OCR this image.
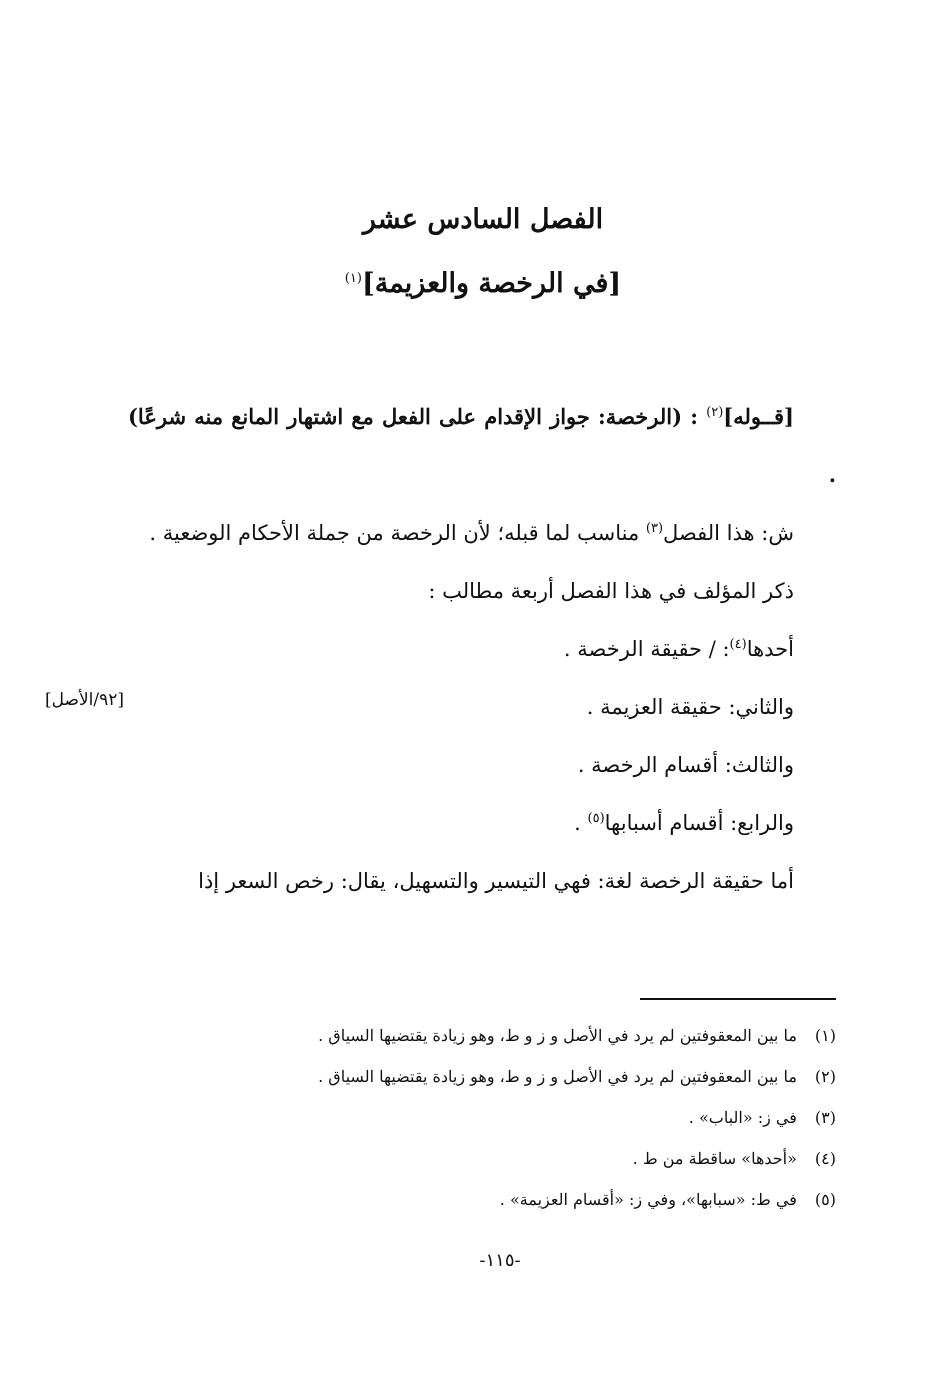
الفصل السادس عشر
[في الرخصة والعزيمة]$^{(١)}$

[قــوله]$^{(٢)}$ : (الرخصة: جواز الإقدام على الفعل مع اشتهار المانع منه شرعًا) .

ش: هذا الفصل$^{(٣)}$ مناسب لما قبله؛ لأن الرخصة من جملة الأحكام الوضعية .

ذكر المؤلف في هذا الفصل أربعة مطالب :

أحدها$^{(٤)}$: / حقيقة الرخصة .

والثاني: حقيقة العزيمة .

والثالث: أقسام الرخصة .

والرابع: أقسام أسبابها$^{(٥)}$ .

أما حقيقة الرخصة لغة: فهي التيسير والتسهيل، يقال: رخص السعر إذا

[٩٢/الأصل]

(١) ما بين المعقوفتين لم يرد في الأصل و ز و ط، وهو زيادة يقتضيها السياق .

(٢) ما بين المعقوفتين لم يرد في الأصل و ز و ط، وهو زيادة يقتضيها السياق .

(٣) في ز: «الباب» .

(٤) «أحدها» ساقطة من ط .

(٥) في ط: «سبابها»، وفي ز: «أقسام العزيمة» .

-١١٥-
